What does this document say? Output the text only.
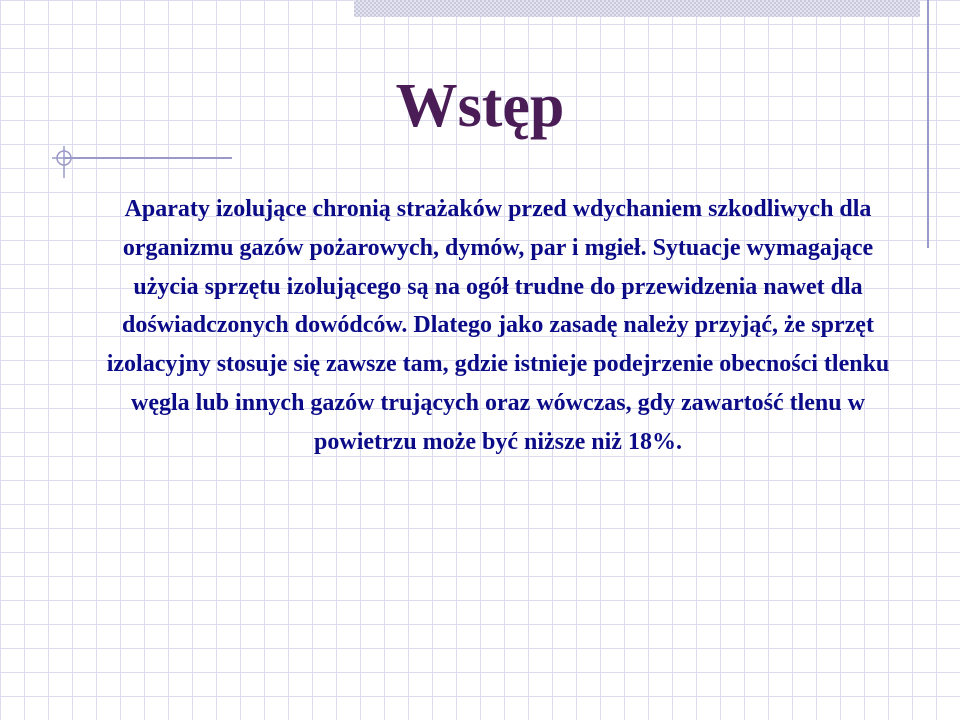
Wstęp

Aparaty izolujące chronią strażaków przed wdychaniem szkodliwych dla organizmu gazów pożarowych, dymów, par i mgieł. Sytuacje wymagające użycia sprzętu izolującego są na ogół trudne do przewidzenia nawet dla doświadczonych dowódców. Dlatego jako zasadę należy przyjąć, że sprzęt izolacyjny stosuje się zawsze tam, gdzie istnieje podejrzenie obecności tlenku węgla lub innych gazów trujących oraz wówczas, gdy zawartość tlenu w powietrzu może być niższe niż 18%.
